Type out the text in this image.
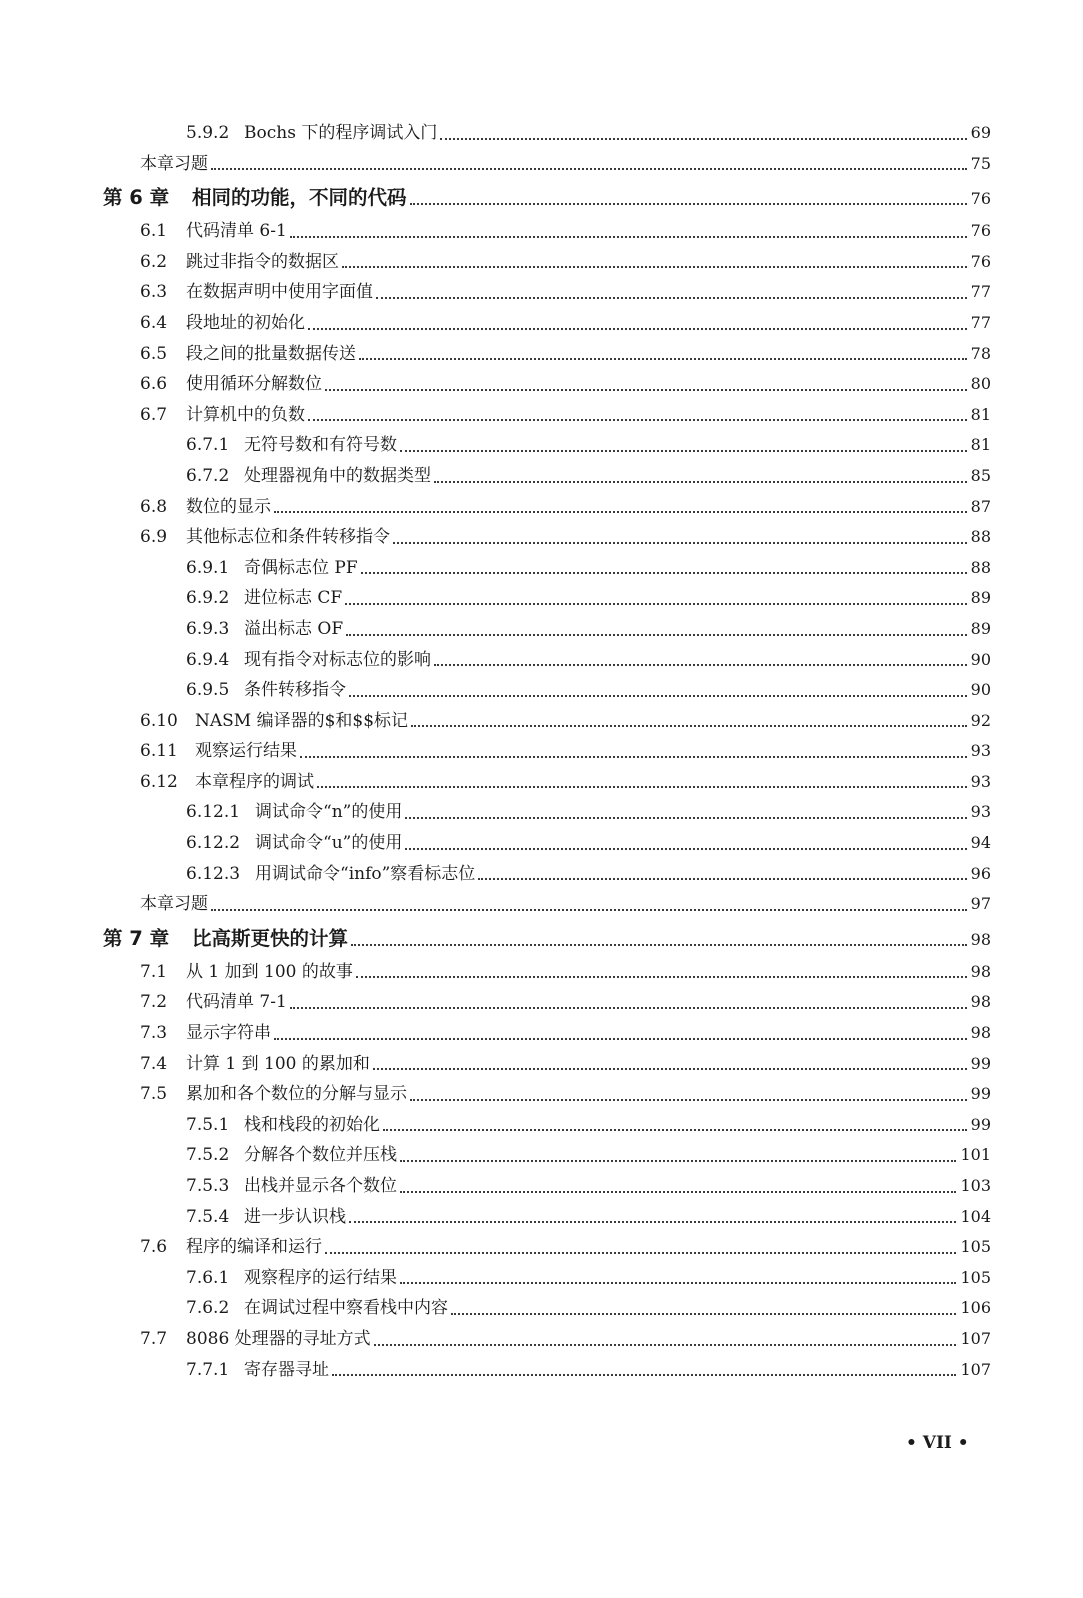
5.9.2 Bochs 下的程序调试入门	69
本章习题	75
第 6 章	相同的功能，不同的代码	76
6.1	代码清单 6-1	76
6.2	跳过非指令的数据区	76
6.3	在数据声明中使用字面值	77
6.4	段地址的初始化	77
6.5	段之间的批量数据传送	78
6.6	使用循环分解数位	80
6.7	计算机中的负数	81
6.7.1 无符号数和有符号数	81
6.7.2 处理器视角中的数据类型	85
6.8	数位的显示	87
6.9	其他标志位和条件转移指令	88
6.9.1 奇偶标志位 PF	88
6.9.2 进位标志 CF	89
6.9.3 溢出标志 OF	89
6.9.4 现有指令对标志位的影响	90
6.9.5 条件转移指令	90
6.10	NASM 编译器的$和$$标记	92
6.11	观察运行结果	93
6.12	本章程序的调试	93
6.12.1 调试命令“n”的使用	93
6.12.2 调试命令“u”的使用	94
6.12.3 用调试命令“info”察看标志位	96
本章习题	97
第 7 章	比高斯更快的计算	98
7.1	从 1 加到 100 的故事	98
7.2	代码清单 7-1	98
7.3	显示字符串	98
7.4	计算 1 到 100 的累加和	99
7.5	累加和各个数位的分解与显示	99
7.5.1 栈和栈段的初始化	99
7.5.2 分解各个数位并压栈	101
7.5.3 出栈并显示各个数位	103
7.5.4 进一步认识栈	104
7.6	程序的编译和运行	105
7.6.1 观察程序的运行结果	105
7.6.2 在调试过程中察看栈中内容	106
7.7	8086 处理器的寻址方式	107
7.7.1 寄存器寻址	107
• VII •
